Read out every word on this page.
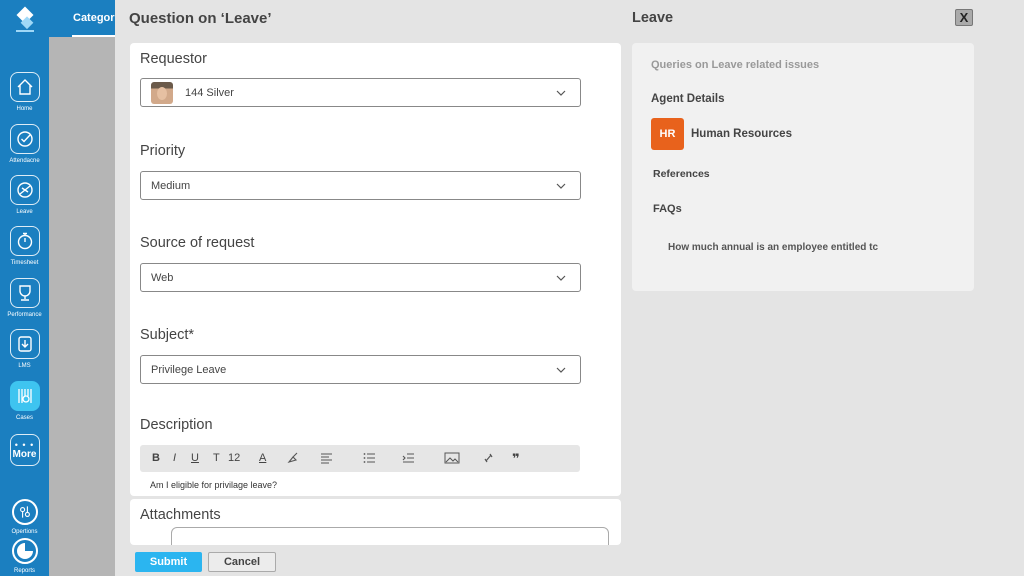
Home
Attendacne
Leave
Timesheet
Performance
LMS
Cases
• • •
More
Opertions
Reports
Categor Question on ‘Leave’
Requestor
144 Silver
Priority
Medium
Source of request
Web
Subject*
Privilege Leave
Description
B I U T 12 A	❞
Am I eligible for privilage leave?
Attachments
Submit	Cancel
Leave	X
Queries on Leave related issues
Agent Details
HR	Human Resources
References
FAQs
How much annual is an employee entitled tc
